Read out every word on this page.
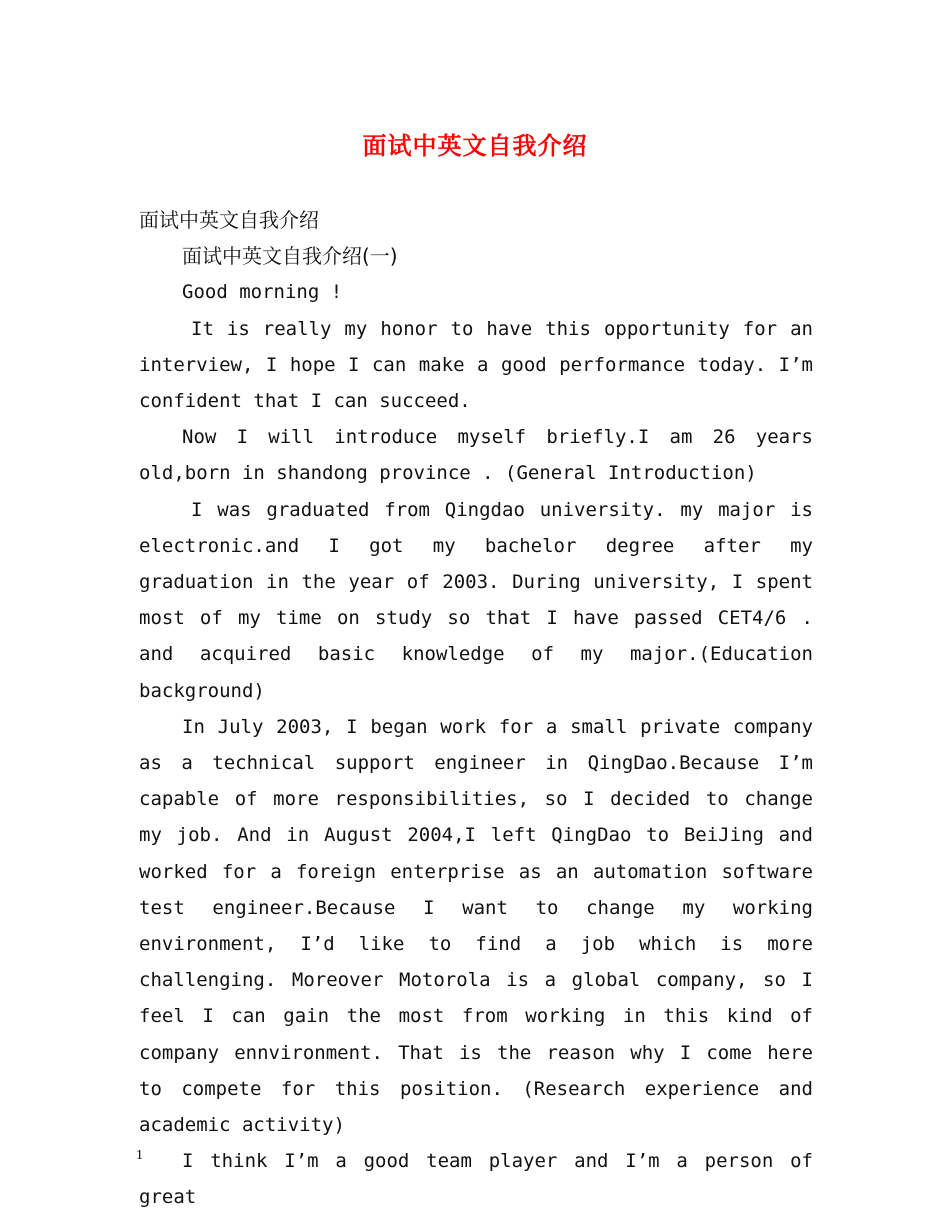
面试中英文自我介绍

面试中英文自我介绍

面试中英文自我介绍(一)

Good morning !

It is really my honor to have this opportunity for an interview, I hope I can make a good performance today. I’m confident that I can succeed.

Now I will introduce myself briefly.I am 26 years old,born in shandong province . (General Introduction)

I was graduated from Qingdao university. my major is electronic.and I got my bachelor degree after my graduation in the year of 2003. During university, I spent most of my time on study so that I have passed CET4/6 . and acquired basic knowledge of my major.(Education background)

In July 2003, I began work for a small private company as a technical support engineer in QingDao.Because I’m capable of more responsibilities, so I decided to change my job. And in August 2004,I left QingDao to BeiJing and worked for a foreign enterprise as an automation software test engineer.Because I want to change my working environment, I’d like to find a job which is more challenging. Moreover Motorola is a global company, so I feel I can gain the most from working in this kind of company ennvironment. That is the reason why I come here to compete for this position. (Research experience and academic activity)

I think I’m a good team player and I’m a person of great

1
